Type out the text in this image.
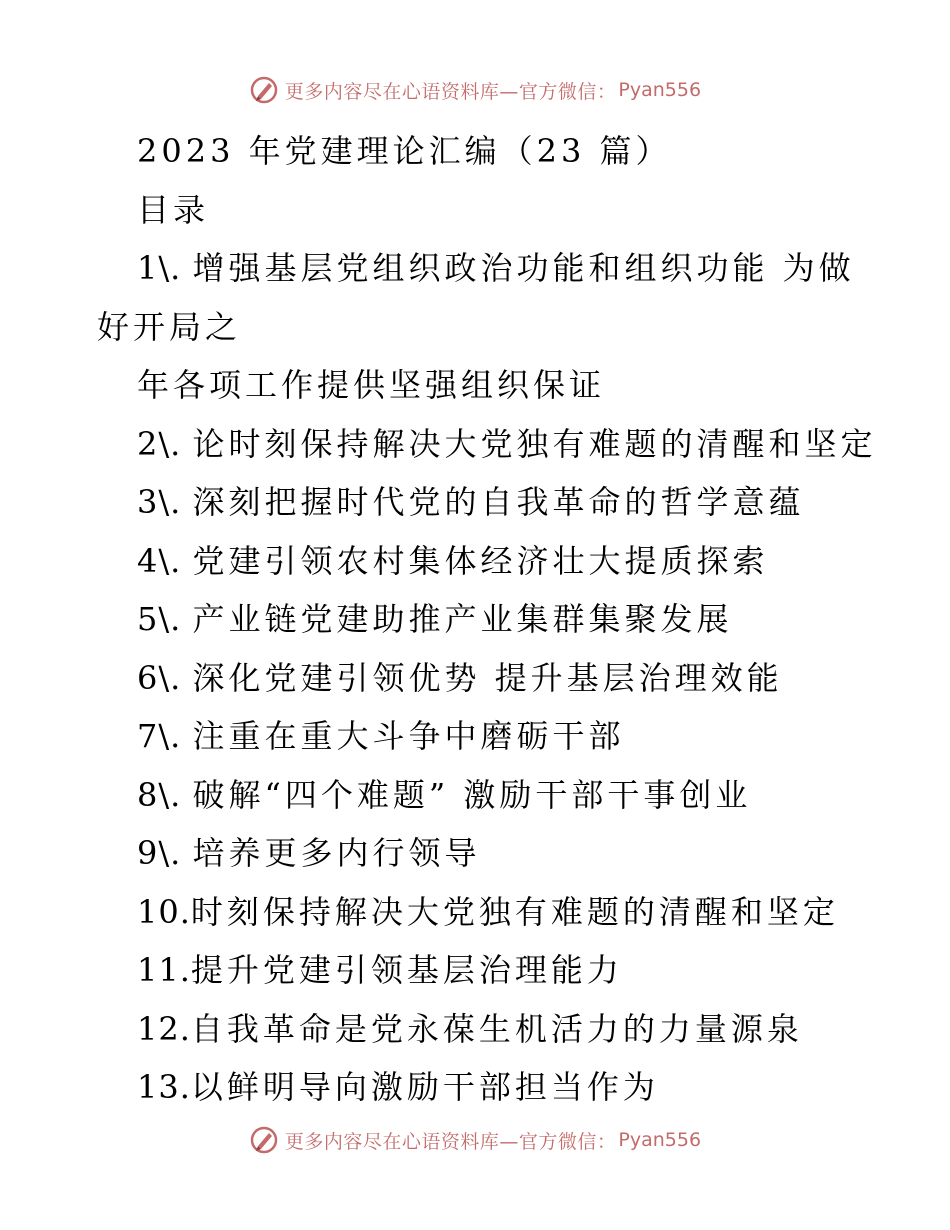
更多内容尽在心语资料库—官方微信： Pyan556
2023 年党建理论汇编（23 篇）
目录
1\. 增强基层党组织政治功能和组织功能 为做
好开局之
年各项工作提供坚强组织保证
2\. 论时刻保持解决大党独有难题的清醒和坚定
3\. 深刻把握时代党的自我革命的哲学意蕴
4\. 党建引领农村集体经济壮大提质探索
5\. 产业链党建助推产业集群集聚发展
6\. 深化党建引领优势 提升基层治理效能
7\. 注重在重大斗争中磨砺干部
8\. 破解“四个难题” 激励干部干事创业
9\. 培养更多内行领导
10.时刻保持解决大党独有难题的清醒和坚定
11.提升党建引领基层治理能力
12.自我革命是党永葆生机活力的力量源泉
13.以鲜明导向激励干部担当作为
更多内容尽在心语资料库—官方微信： Pyan556
